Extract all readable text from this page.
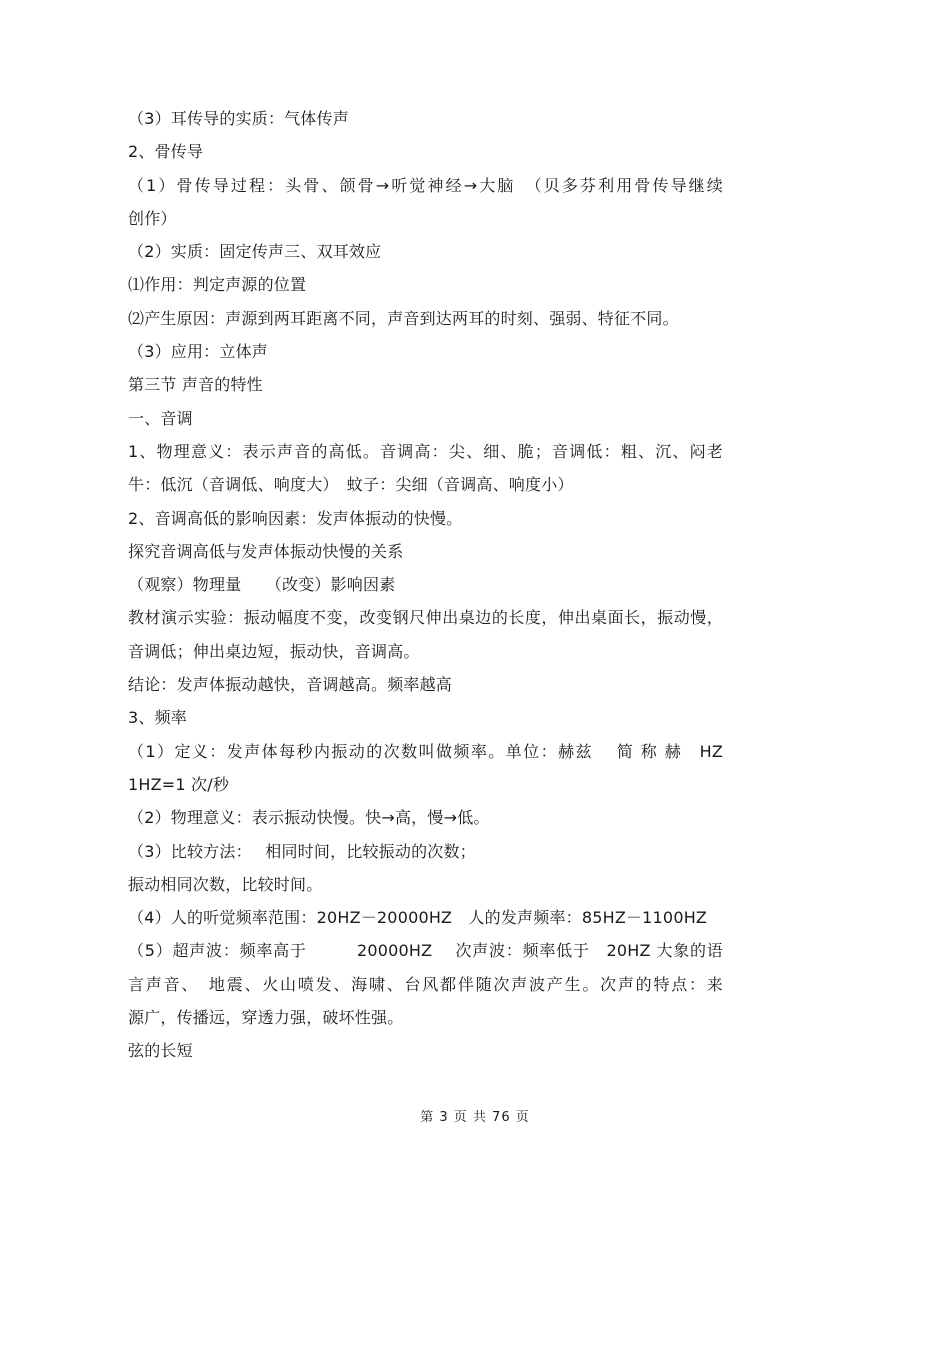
（3）耳传导的实质：气体传声
2、骨传导
（1）骨传导过程：头骨、颌骨→听觉神经→大脑　（贝多芬利用骨传导继续
创作）
（2）实质：固定传声三、双耳效应
⑴作用：判定声源的位置
⑵产生原因：声源到两耳距离不同，声音到达两耳的时刻、强弱、特征不同。
（3）应用：立体声
第三节 声音的特性
一、音调
1、物理意义：表示声音的高低。音调高：尖、细、脆；音调低：粗、沉、闷老
牛：低沉（音调低、响度大）　蚊子：尖细（音调高、响度小）
2、音调高低的影响因素：发声体振动的快慢。
探究音调高低与发声体振动快慢的关系
（观察）物理量　　（改变）影响因素
教材演示实验：振动幅度不变，改变钢尺伸出桌边的长度，伸出桌面长，振动慢，
音调低；伸出桌边短，振动快，音调高。
结论：发声体振动越快，音调越高。频率越高
3、频率
（1）定义：发声体每秒内振动的次数叫做频率。单位：赫兹　 简 称 赫　HZ
1HZ=1 次/秒
（2）物理意义：表示振动快慢。快→高，慢→低。
（3）比较方法：　 相同时间，比较振动的次数；
振动相同次数，比较时间。
（4）人的听觉频率范围：20HZ－20000HZ　人的发声频率：85HZ－1100HZ
（5）超声波：频率高于　　　20000HZ　 次声波：频率低于　20HZ 大象的语
言声音、　地震、火山喷发、海啸、台风都伴随次声波产生。次声的特点：来
源广，传播远，穿透力强，破坏性强。
弦的长短
第 3 页 共 76 页
